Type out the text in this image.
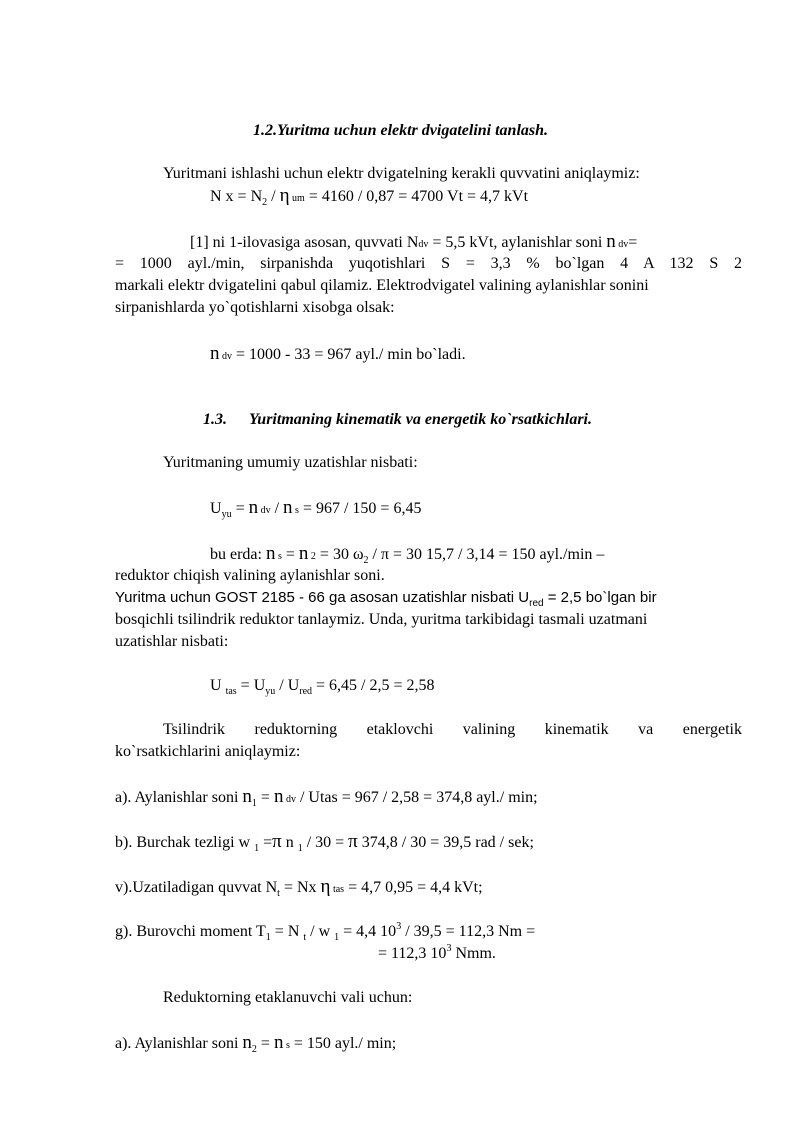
1.2.Yuritma uchun elektr dvigatelini tanlash.
Yuritmani ishlashi uchun elektr dvigatelning kerakli quvvatini aniqlaymiz:
N $x = N_2 / \eta$ um = 4160 / 0,87 = 4700 Vt = 4,7 kVt
[1] ni 1-ilovasiga asosan, quvvati Ndv = 5,5 kVt, aylanishlar soni n dv=
= 1000 ayl./min, sirpanishda yuqotishlari S = 3,3 % bo`lgan 4 A 132 S 2
markali elektr dvigatelini qabul qilamiz. Elektrodvigatel valining aylanishlar sonini
sirpanishlarda yo`qotishlarni xisobga olsak:
n dv = 1000 - 33 = 967 ayl./ min bo`ladi.
1.3. Yuritmaning kinematik va energetik ko`rsatkichlari.
Yuritmaning umumiy uzatishlar nisbati:
$U_{yu} = n$ dv / n s = 967 / 150 = 6,45
bu erda: n s = n 2 = 30 $\omega_2 / \pi = 30$ 15,7 / 3,14 = 150 ayl./min –
reduktor chiqish valining aylanishlar soni.
Yuritma uchun GOST 2185 - 66 ga asosan uzatishlar nisbati $U_{red} = 2,5$ bo`lgan bir
bosqichli tsilindrik reduktor tanlaymiz. Unda, yuritma tarkibidagi tasmali uzatmani
uzatishlar nisbati:
U $_{tas} = U_{yu} / U_{red} = 6,45 / 2,5 = 2,58$
Tsilindrik reduktorning etaklovchi valining kinematik va energetik
ko`rsatkichlarini aniqlaymiz:
a). Aylanishlar soni $n_1 = n$ dv / Utas = 967 / 2,58 = 374,8 ayl./ min;
b). Burchak tezligi w $_1$ =π n $_1$ / 30 = π 374,8 / 30 = 39,5 rad / sek;
v).Uzatiladigan quvvat $N_t = Nx$ η tas = 4,7 0,95 = 4,4 kVt;
g). Burovchi moment $T_1 = N$ $_t$ / w $_1$ = 4,4 $10^3 / 39,5 = 112,3$ Nm =
= 112,3 $10^3$ Nmm.
Reduktorning etaklanuvchi vali uchun:
a). Aylanishlar soni $n_2 = n$ s = 150 ayl./ min;
